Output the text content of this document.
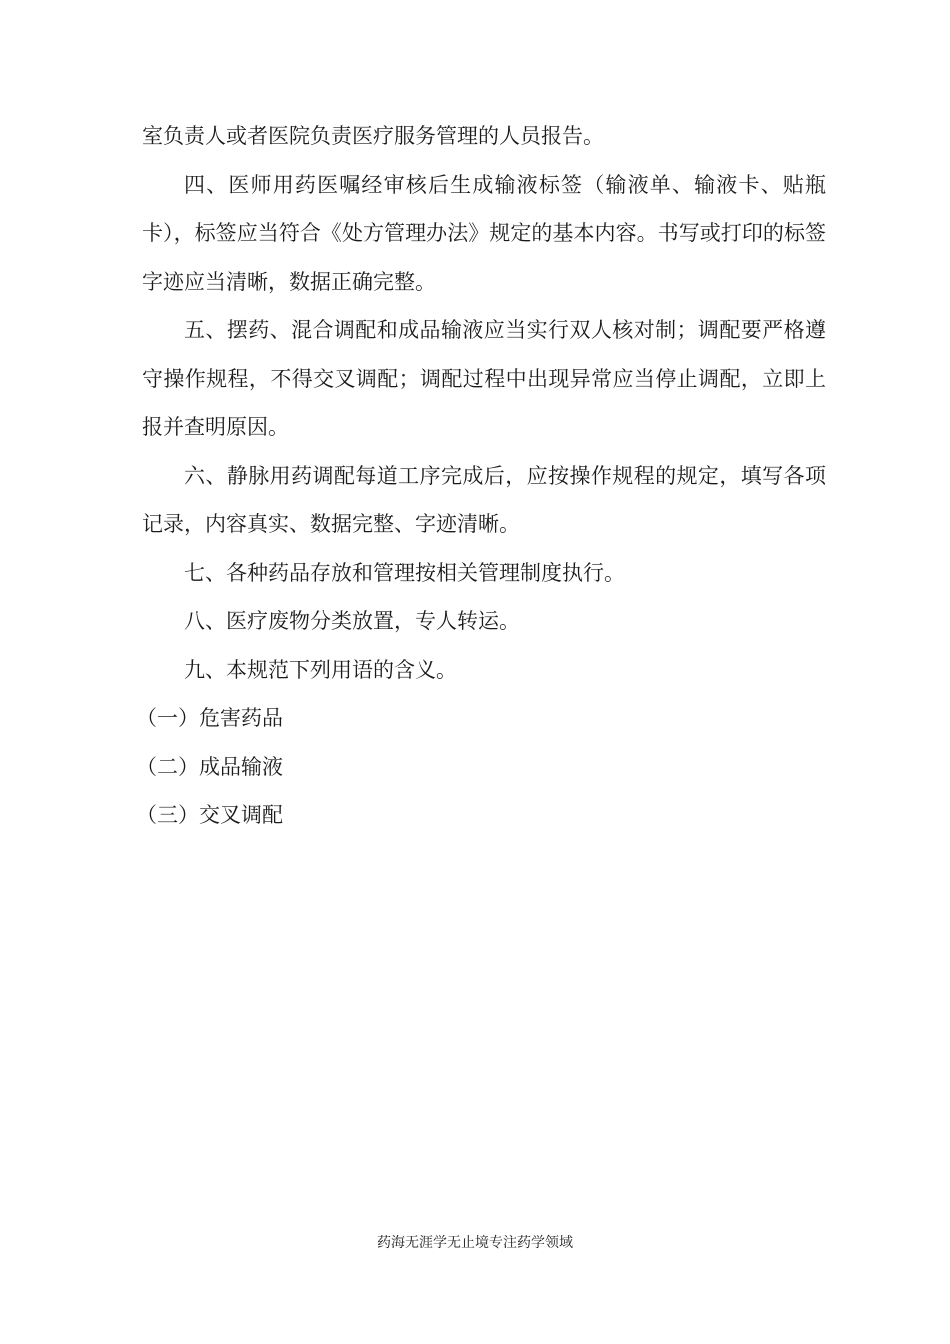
室负责人或者医院负责医疗服务管理的人员报告。

四、医师用药医嘱经审核后生成输液标签（输液单、输液卡、贴瓶卡），标签应当符合《处方管理办法》规定的基本内容。书写或打印的标签字迹应当清晰，数据正确完整。

五、摆药、混合调配和成品输液应当实行双人核对制；调配要严格遵守操作规程，不得交叉调配；调配过程中出现异常应当停止调配，立即上报并查明原因。

六、静脉用药调配每道工序完成后，应按操作规程的规定，填写各项记录，内容真实、数据完整、字迹清晰。

七、各种药品存放和管理按相关管理制度执行。

八、医疗废物分类放置，专人转运。

九、本规范下列用语的含义。

（一）危害药品

（二）成品输液

（三）交叉调配

药海无涯学无止境专注药学领域
